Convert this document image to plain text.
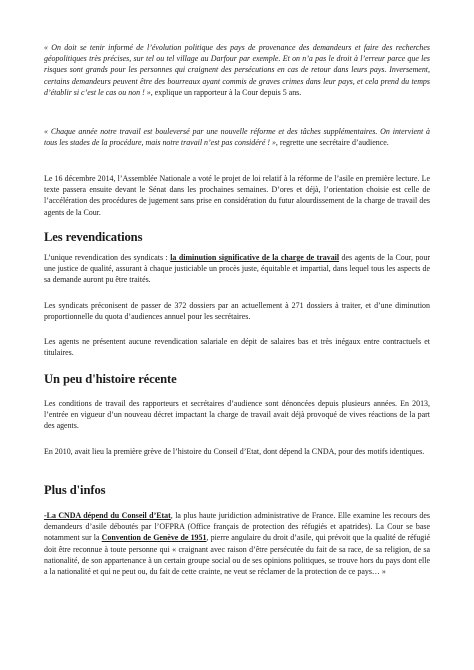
« On doit se tenir informé de l’évolution politique des pays de provenance des demandeurs et faire des recherches géopolitiques très précises, sur tel ou tel village au Darfour par exemple. Et on n’a pas le droit à l’erreur parce que les risques sont grands pour les personnes qui craignent des persécutions en cas de retour dans leurs pays. Inversement, certains demandeurs peuvent être des bourreaux ayant commis de graves crimes dans leur pays, et cela prend du temps d’établir si c’est le cas ou non ! », explique un rapporteur à la Cour depuis 5 ans.

« Chaque année notre travail est bouleversé par une nouvelle réforme et des tâches supplémentaires. On intervient à tous les stades de la procédure, mais notre travail n’est pas considéré ! », regrette une secrétaire d’audience.

Le 16 décembre 2014, l’Assemblée Nationale a voté le projet de loi relatif à la réforme de l’asile en première lecture. Le texte passera ensuite devant le Sénat dans les prochaines semaines. D’ores et déjà, l’orientation choisie est celle de l’accélération des procédures de jugement sans prise en considération du futur alourdissement de la charge de travail des agents de la Cour.

Les revendications

L’unique revendication des syndicats : la diminution significative de la charge de travail des agents de la Cour, pour une justice de qualité, assurant à chaque justiciable un procès juste, équitable et impartial, dans lequel tous les aspects de sa demande auront pu être traités.

Les syndicats préconisent de passer de 372 dossiers par an actuellement à 271 dossiers à traiter, et d’une diminution proportionnelle du quota d’audiences annuel pour les secrétaires.

Les agents ne présentent aucune revendication salariale en dépit de salaires bas et très inégaux entre contractuels et titulaires.

Un peu d'histoire récente

Les conditions de travail des rapporteurs et secrétaires d’audience sont dénoncées depuis plusieurs années. En 2013, l’entrée en vigueur d’un nouveau décret impactant la charge de travail avait déjà provoqué de vives réactions de la part des agents.

En 2010, avait lieu la première grève de l’histoire du Conseil d’Etat, dont dépend la CNDA, pour des motifs identiques.

Plus d'infos

-La CNDA dépend du Conseil d’Etat, la plus haute juridiction administrative de France. Elle examine les recours des demandeurs d’asile déboutés par l’OFPRA (Office français de protection des réfugiés et apatrides). La Cour se base notamment sur la Convention de Genève de 1951, pierre angulaire du droit d’asile, qui prévoit que la qualité de réfugié doit être reconnue à toute personne qui « craignant avec raison d’être persécutée du fait de sa race, de sa religion, de sa nationalité, de son appartenance à un certain groupe social ou de ses opinions politiques, se trouve hors du pays dont elle a la nationalité et qui ne peut ou, du fait de cette crainte, ne veut se réclamer de la protection de ce pays… »
